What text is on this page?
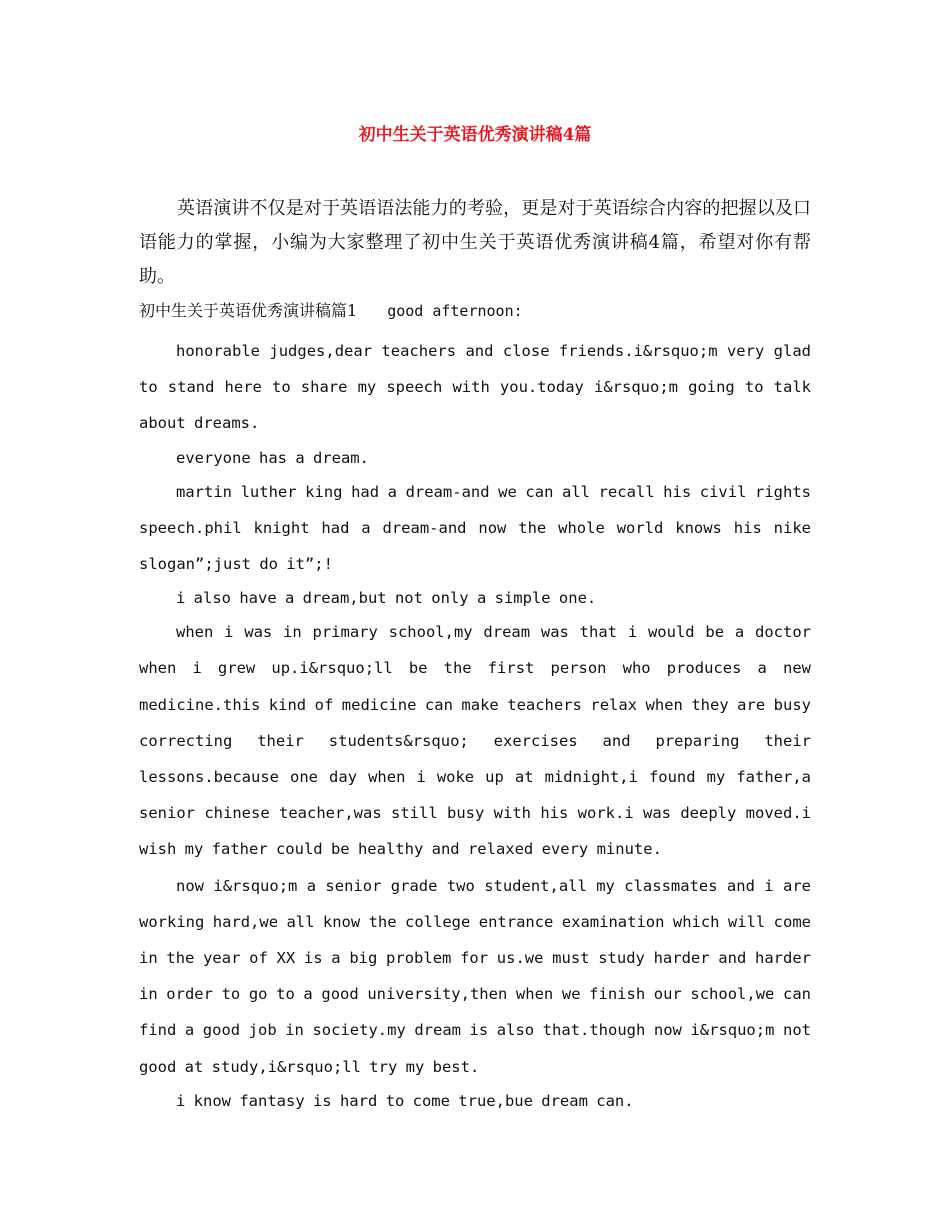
初中生关于英语优秀演讲稿4篇
英语演讲不仅是对于英语语法能力的考验，更是对于英语综合内容的把握以及口语能力的掌握，小编为大家整理了初中生关于英语优秀演讲稿4篇，希望对你有帮助。
初中生关于英语优秀演讲稿篇1 good afternoon:

honorable judges,dear teachers and close friends.i&rsquo;m very glad to stand here to share my speech with you.today i&rsquo;m going to talk about dreams.

everyone has a dream.

martin luther king had a dream-and we can all recall his civil rights speech.phil knight had a dream-and now the whole world knows his nike slogan”;just do it”;!

i also have a dream,but not only a simple one.

when i was in primary school,my dream was that i would be a doctor when i grew up.i&rsquo;ll be the first person who produces a new medicine.this kind of medicine can make teachers relax when they are busy correcting their students&rsquo; exercises and preparing their lessons.because one day when i woke up at midnight,i found my father,a senior chinese teacher,was still busy with his work.i was deeply moved.i wish my father could be healthy and relaxed every minute.

now i&rsquo;m a senior grade two student,all my classmates and i are working hard,we all know the college entrance examination which will come in the year of XX is a big problem for us.we must study harder and harder in order to go to a good university,then when we finish our school,we can find a good job in society.my dream is also that.though now i&rsquo;m not good at study,i&rsquo;ll try my best.

i know fantasy is hard to come true,bue dream can.
